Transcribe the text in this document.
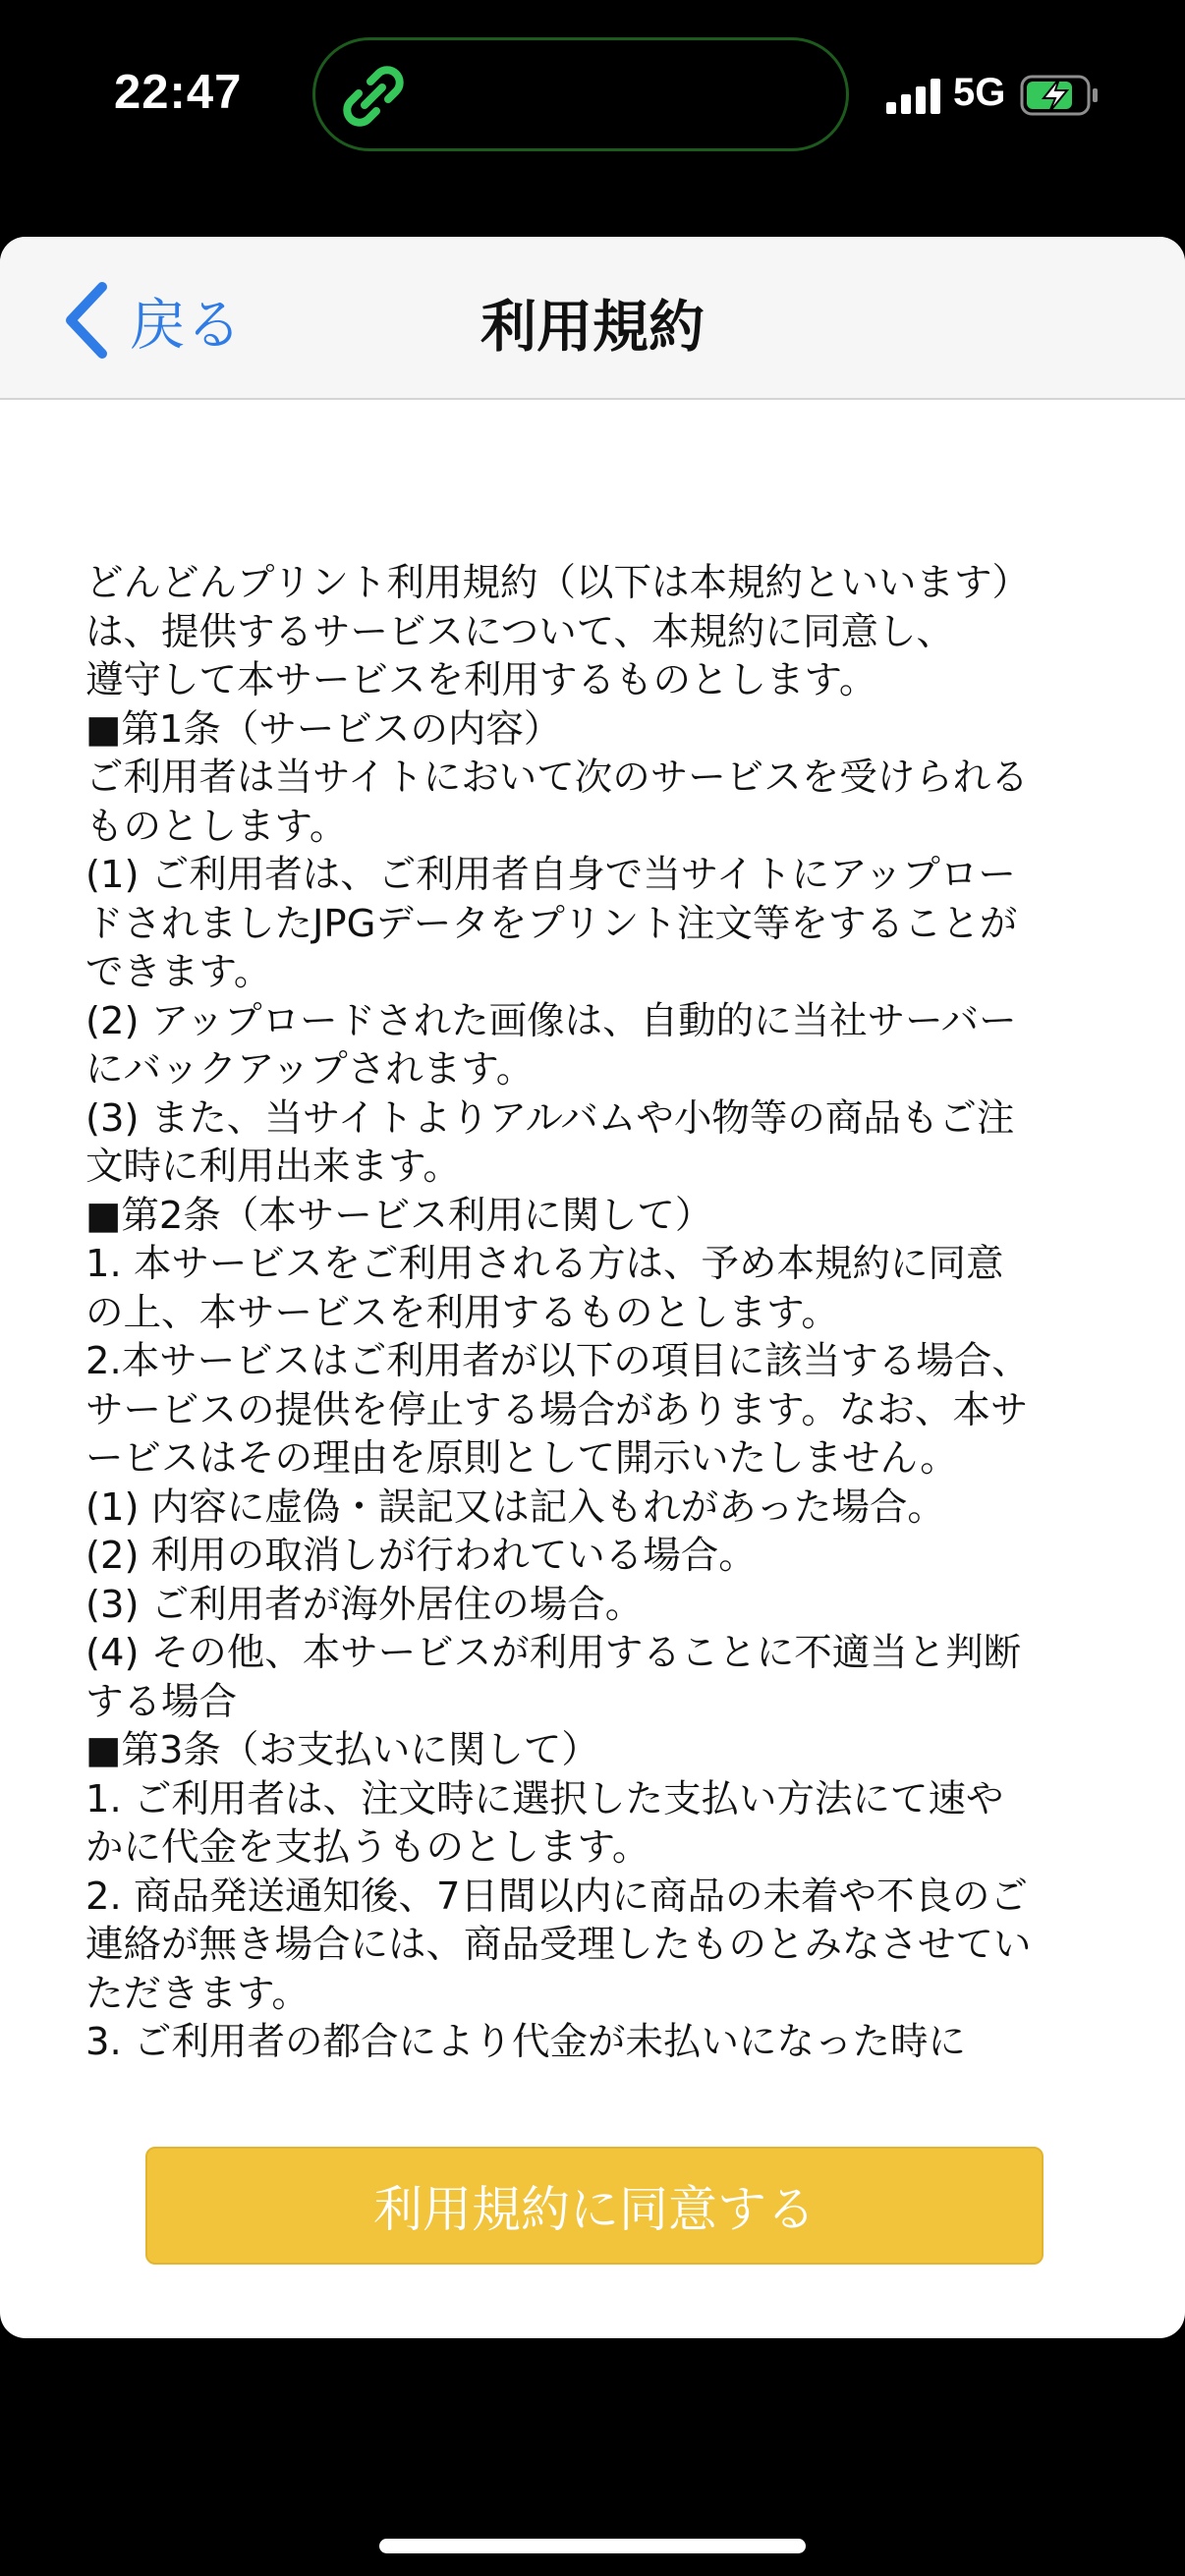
22:47	5G
利用規約
戻る
どんどんプリント利用規約（以下は本規約といいます）
は、提供するサービスについて、本規約に同意し、
遵守して本サービスを利用するものとします。
■第1条（サービスの内容）
ご利用者は当サイトにおいて次のサービスを受けられる
ものとします。
(1) ご利用者は、ご利用者自身で当サイトにアップロー
ドされましたJPGデータをプリント注文等をすることが
できます。
(2) アップロードされた画像は、自動的に当社サーバー
にバックアップされます。
(3) また、当サイトよりアルバムや小物等の商品もご注
文時に利用出来ます。
■第2条（本サービス利用に関して）
1. 本サービスをご利用される方は、予め本規約に同意
の上、本サービスを利用するものとします。
2.本サービスはご利用者が以下の項目に該当する場合、
サービスの提供を停止する場合があります。なお、本サ
ービスはその理由を原則として開示いたしません。
(1) 内容に虚偽・誤記又は記入もれがあった場合。
(2) 利用の取消しが行われている場合。
(3) ご利用者が海外居住の場合。
(4) その他、本サービスが利用することに不適当と判断
する場合
■第3条（お支払いに関して）
1. ご利用者は、注文時に選択した支払い方法にて速や
かに代金を支払うものとします。
2. 商品発送通知後、7日間以内に商品の未着や不良のご
連絡が無き場合には、商品受理したものとみなさせてい
ただきます。
3. ご利用者の都合により代金が未払いになった時に
利用規約に同意する
